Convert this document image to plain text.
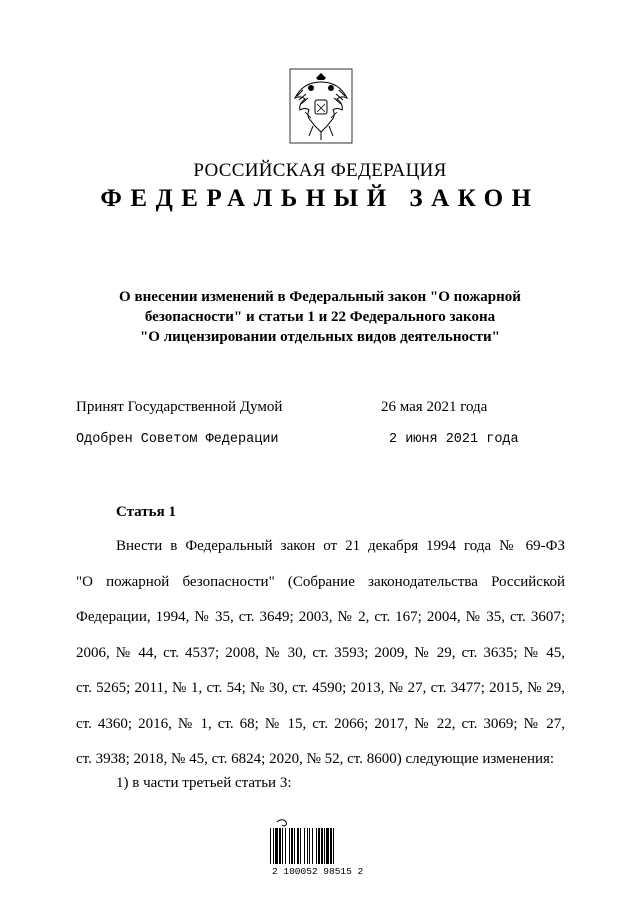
РОССИЙСКАЯ ФЕДЕРАЦИЯ
ФЕДЕРАЛЬНЫЙ ЗАКОН
О внесении изменений в Федеральный закон "О пожарной
безопасности" и статьи 1 и 22 Федерального закона
"О лицензировании отдельных видов деятельности"
Принят Государственной Думой	26 мая 2021 года
Одобрен Советом Федерации	2 июня 2021 года
Статья 1
Внести в Федеральный закон от 21 декабря 1994 года № 69-ФЗ
"О пожарной безопасности" (Собрание законодательства Российской
Федерации, 1994, № 35, ст. 3649; 2003, № 2, ст. 167; 2004, № 35, ст. 3607;
2006, № 44, ст. 4537; 2008, № 30, ст. 3593; 2009, № 29, ст. 3635; № 45,
ст. 5265; 2011, № 1, ст. 54; № 30, ст. 4590; 2013, № 27, ст. 3477; 2015, № 29,
ст. 4360; 2016, № 1, ст. 68; № 15, ст. 2066; 2017, № 22, ст. 3069; № 27,
ст. 3938; 2018, № 45, ст. 6824; 2020, № 52, ст. 8600) следующие изменения:
1) в части третьей статьи 3:
2 100052 98515 2
